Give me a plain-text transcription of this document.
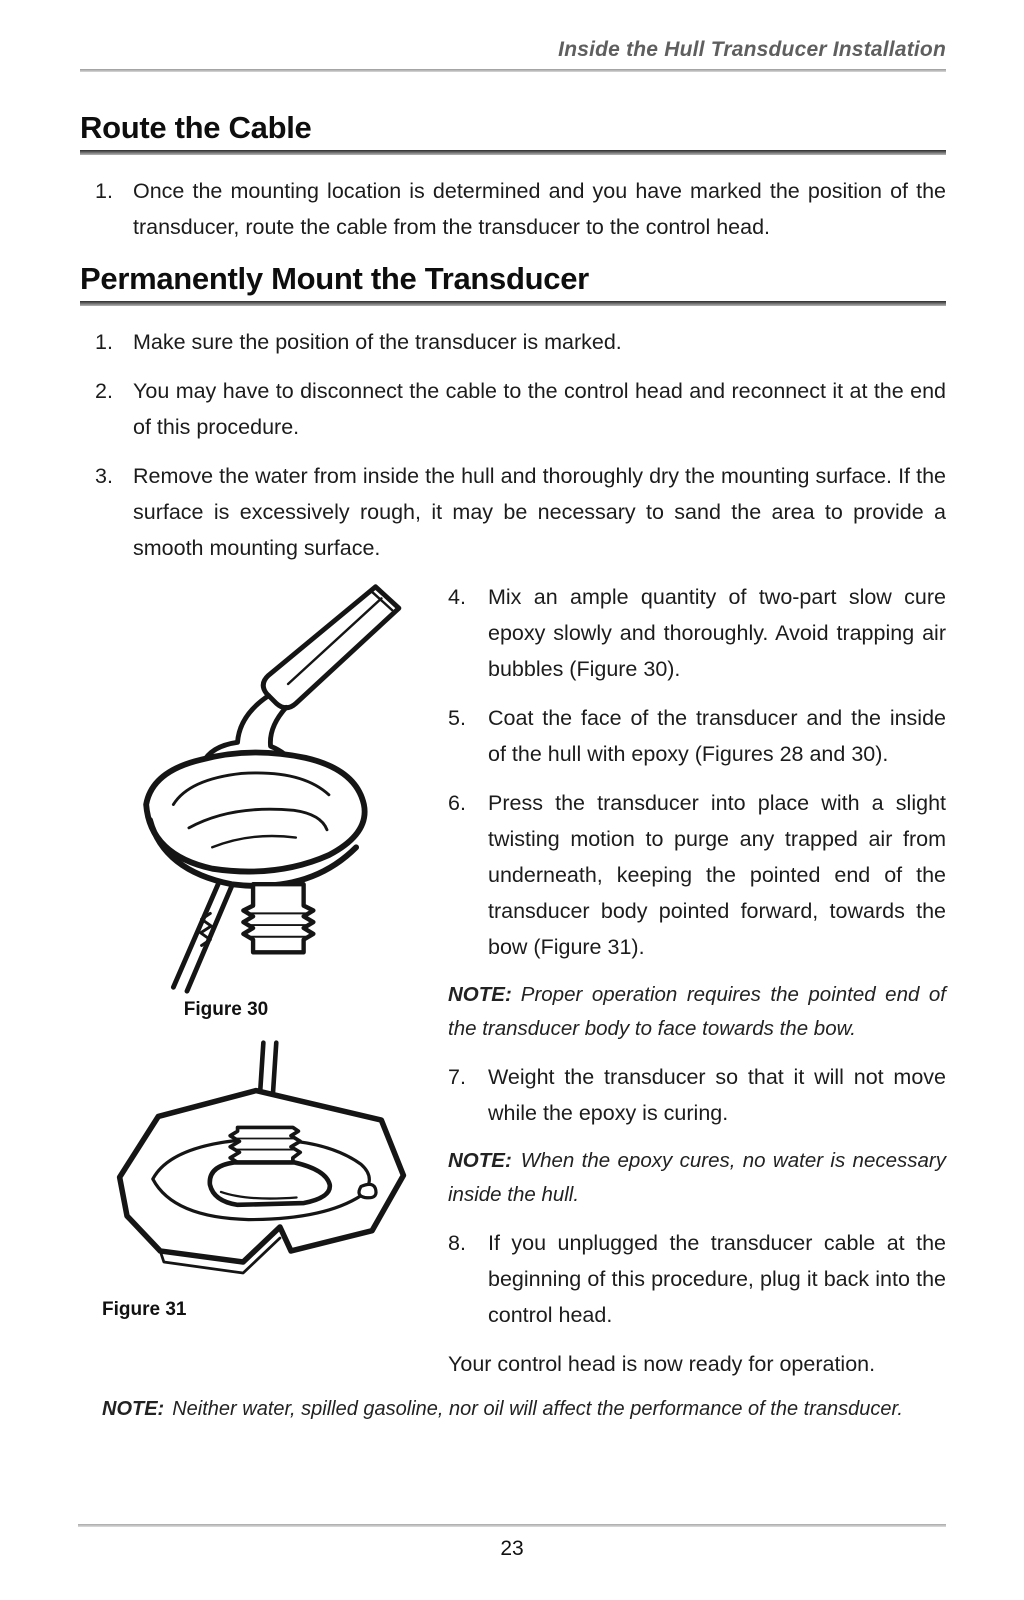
Inside the Hull Transducer Installation
Route the Cable
1. Once the mounting location is determined and you have marked the position of the transducer, route the cable from the transducer to the control head.
Permanently Mount the Transducer
1. Make sure the position of the transducer is marked.
2. You may have to disconnect the cable to the control head and reconnect it at the end of this procedure.
3. Remove the water from inside the hull and thoroughly dry the mounting surface. If the surface is excessively rough, it may be necessary to sand the area to provide a smooth mounting surface.
Figure 30
Figure 31
4.	Mix an ample quantity of two-part slow cure epoxy slowly and thoroughly. Avoid trapping air bubbles (Figure 30).
5.	Coat the face of the transducer and the inside of the hull with epoxy (Figures 28 and 30).
6.	Press the transducer into place with a slight twisting motion to purge any trapped air from underneath, keeping the pointed end of the transducer body pointed forward, towards the bow (Figure 31).
NOTE: Proper operation requires the pointed end of the transducer body to face towards the bow.
7.	Weight the transducer so that it will not move while the epoxy is curing.
NOTE: When the epoxy cures, no water is necessary inside the hull.
8.	If you unplugged the transducer cable at the beginning of this procedure, plug it back into the control head.
Your control head is now ready for operation.
NOTE: Neither water, spilled gasoline, nor oil will affect the performance of the transducer.
23
